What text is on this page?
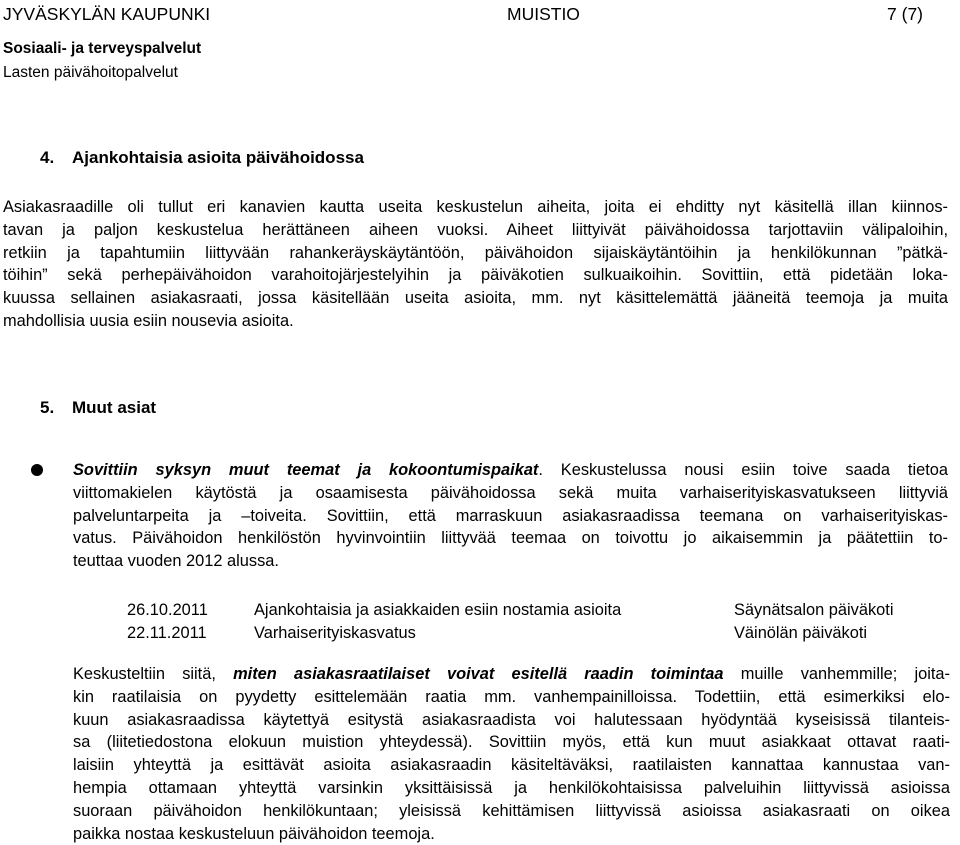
JYVÄSKYLÄN KAUPUNKI	MUISTIO	7 (7)
Sosiaali- ja terveyspalvelut
Lasten päivähoitopalvelut
4. Ajankohtaisia asioita päivähoidossa
Asiakasraadille oli tullut eri kanavien kautta useita keskustelun aiheita, joita ei ehditty nyt käsitellä illan kiinnos-
tavan ja paljon keskustelua herättäneen aiheen vuoksi. Aiheet liittyivät päivähoidossa tarjottaviin välipaloihin,
retkiin ja tapahtumiin liittyvään rahankeräyskäytäntöön, päivähoidon sijaiskäytäntöihin ja henkilökunnan ”pätkä-
töihin” sekä perhepäivähoidon varahoitojärjestelyihin ja päiväkotien sulkuaikoihin. Sovittiin, että pidetään loka-
kuussa sellainen asiakasraati, jossa käsitellään useita asioita, mm. nyt käsittelemättä jääneitä teemoja ja muita
mahdollisia uusia esiin nousevia asioita.
5. Muut asiat
Sovittiin syksyn muut teemat ja kokoontumispaikat. Keskustelussa nousi esiin toive saada tietoa
viittomakielen käytöstä ja osaamisesta päivähoidossa sekä muita varhaiserityiskasvatukseen liittyviä
palveluntarpeita ja –toiveita. Sovittiin, että marraskuun asiakasraadissa teemana on varhaiserityiskas-
vatus. Päivähoidon henkilöstön hyvinvointiin liittyvää teemaa on toivottu jo aikaisemmin ja päätettiin to-
teuttaa vuoden 2012 alussa.
26.10.2011	Ajankohtaisia ja asiakkaiden esiin nostamia asioita	Säynätsalon päiväkoti
22.11.2011	Varhaiserityiskasvatus	Väinölän päiväkoti
Keskusteltiin siitä, miten asiakasraatilaiset voivat esitellä raadin toimintaa muille vanhemmille; joita-
kin raatilaisia on pyydetty esittelemään raatia mm. vanhempainilloissa. Todettiin, että esimerkiksi elo-
kuun asiakasraadissa käytettyä esitystä asiakasraadista voi halutessaan hyödyntää kyseisissä tilanteis-
sa (liitetiedostona elokuun muistion yhteydessä). Sovittiin myös, että kun muut asiakkaat ottavat raati-
laisiin yhteyttä ja esittävät asioita asiakasraadin käsiteltäväksi, raatilaisten kannattaa kannustaa van-
hempia ottamaan yhteyttä varsinkin yksittäisissä ja henkilökohtaisissa palveluihin liittyvissä asioissa
suoraan päivähoidon henkilökuntaan; yleisissä kehittämisen liittyvissä asioissa asiakasraati on oikea
paikka nostaa keskusteluun päivähoidon teemoja.
